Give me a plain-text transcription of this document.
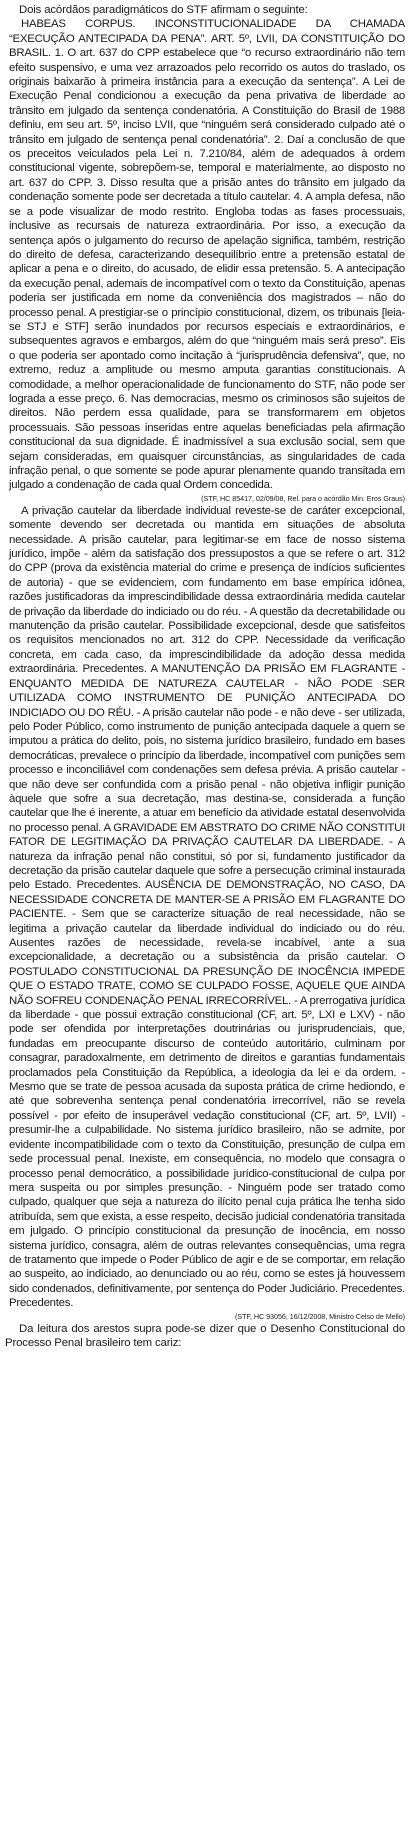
Dois acórdãos paradigmáticos do STF afirmam o seguinte:

HABEAS CORPUS. INCONSTITUCIONALIDADE DA CHAMADA “EXECUÇÃO ANTECIPADA DA PENA”. ART. 5º, LVII, DA CONSTITUIÇÃO DO BRASIL. 1. O art. 637 do CPP estabelece que “o recurso extraordinário não tem efeito suspensivo, e uma vez arrazoados pelo recorrido os autos do traslado, os originais baixarão à primeira instância para a execução da sentença”. A Lei de Execução Penal condicionou a execução da pena privativa de liberdade ao trânsito em julgado da sentença condenatória. A Constituição do Brasil de 1988 definiu, em seu art. 5º, inciso LVII, que “ninguém será considerado culpado até o trânsito em julgado de sentença penal condenatória”. 2. Daí a conclusão de que os preceitos veiculados pela Lei n. 7.210/84, além de adequados à ordem constitucional vigente, sobrepõem-se, temporal e materialmente, ao disposto no art. 637 do CPP. 3. Disso resulta que a prisão antes do trânsito em julgado da condenação somente pode ser decretada a título cautelar. 4. A ampla defesa, não se a pode visualizar de modo restrito. Engloba todas as fases processuais, inclusive as recursais de natureza extraordinária. Por isso, a execução da sentença após o julgamento do recurso de apelação significa, também, restrição do direito de defesa, caracterizando desequilíbrio entre a pretensão estatal de aplicar a pena e o direito, do acusado, de elidir essa pretensão. 5. A antecipação da execução penal, ademais de incompatível com o texto da Constituição, apenas poderia ser justificada em nome da conveniência dos magistrados – não do processo penal. A prestigiar-se o princípio constitucional, dizem, os tribunais [leia-se STJ e STF] serão inundados por recursos especiais e extraordinários, e subsequentes agravos e embargos, além do que “ninguém mais será preso”. Eis o que poderia ser apontado como incitação à “jurisprudência defensiva”, que, no extremo, reduz a amplitude ou mesmo amputa garantias constitucionais. A comodidade, a melhor operacionalidade de funcionamento do STF, não pode ser lograda a esse preço. 6. Nas democracias, mesmo os criminosos são sujeitos de direitos. Não perdem essa qualidade, para se transformarem em objetos processuais. São pessoas inseridas entre aquelas beneficiadas pela afirmação constitucional da sua dignidade. É inadmissível a sua exclusão social, sem que sejam consideradas, em quaisquer circunstâncias, as singularidades de cada infração penal, o que somente se pode apurar plenamente quando transitada em julgado a condenação de cada qual Ordem concedida.

(STF, HC 85417, 02/09/08, Rel. para o acórdão Min. Eros Graus)

A privação cautelar da liberdade individual reveste-se de caráter excepcional, somente devendo ser decretada ou mantida em situações de absoluta necessidade. A prisão cautelar, para legitimar-se em face de nosso sistema jurídico, impõe - além da satisfação dos pressupostos a que se refere o art. 312 do CPP (prova da existência material do crime e presença de indícios suficientes de autoria) - que se evidenciem, com fundamento em base empírica idônea, razões justificadoras da imprescindibilidade dessa extraordinária medida cautelar de privação da liberdade do indiciado ou do réu. - A questão da decretabilidade ou manutenção da prisão cautelar. Possibilidade excepcional, desde que satisfeitos os requisitos mencionados no art. 312 do CPP. Necessidade da verificação concreta, em cada caso, da imprescindibilidade da adoção dessa medida extraordinária. Precedentes. A MANUTENÇÃO DA PRISÃO EM FLAGRANTE - ENQUANTO MEDIDA DE NATUREZA CAUTELAR - NÃO PODE SER UTILIZADA COMO INSTRUMENTO DE PUNIÇÃO ANTECIPADA DO INDICIADO OU DO RÉU. - A prisão cautelar não pode - e não deve - ser utilizada, pelo Poder Público, como instrumento de punição antecipada daquele a quem se imputou a prática do delito, pois, no sistema jurídico brasileiro, fundado em bases democráticas, prevalece o princípio da liberdade, incompatível com punições sem processo e inconciliável com condenações sem defesa prévia. A prisão cautelar - que não deve ser confundida com a prisão penal - não objetiva infligir punição àquele que sofre a sua decretação, mas destina-se, considerada a função cautelar que lhe é inerente, a atuar em benefício da atividade estatal desenvolvida no processo penal. A GRAVIDADE EM ABSTRATO DO CRIME NÃO CONSTITUI FATOR DE LEGITIMAÇÃO DA PRIVAÇÃO CAUTELAR DA LIBERDADE. - A natureza da infração penal não constitui, só por si, fundamento justificador da decretação da prisão cautelar daquele que sofre a persecução criminal instaurada pelo Estado. Precedentes. AUSÊNCIA DE DEMONSTRAÇÃO, NO CASO, DA NECESSIDADE CONCRETA DE MANTER-SE A PRISÃO EM FLAGRANTE DO PACIENTE. - Sem que se caracterize situação de real necessidade, não se legitima a privação cautelar da liberdade individual do indiciado ou do réu. Ausentes razões de necessidade, revela-se incabível, ante a sua excepcionalidade, a decretação ou a subsistência da prisão cautelar. O POSTULADO CONSTITUCIONAL DA PRESUNÇÃO DE INOCÊNCIA IMPEDE QUE O ESTADO TRATE, COMO SE CULPADO FOSSE, AQUELE QUE AINDA NÃO SOFREU CONDENAÇÃO PENAL IRRECORRÍVEL. - A prerrogativa jurídica da liberdade - que possui extração constitucional (CF, art. 5º, LXI e LXV) - não pode ser ofendida por interpretações doutrinárias ou jurisprudenciais, que, fundadas em preocupante discurso de conteúdo autoritário, culminam por consagrar, paradoxalmente, em detrimento de direitos e garantias fundamentais proclamados pela Constituição da República, a ideologia da lei e da ordem. - Mesmo que se trate de pessoa acusada da suposta prática de crime hediondo, e até que sobrevenha sentença penal condenatória irrecorrível, não se revela possível - por efeito de insuperável vedação constitucional (CF, art. 5º, LVII) - presumir-lhe a culpabilidade. No sistema jurídico brasileiro, não se admite, por evidente incompatibilidade com o texto da Constituição, presunção de culpa em sede processual penal. Inexiste, em consequência, no modelo que consagra o processo penal democrático, a possibilidade jurídico-constitucional de culpa por mera suspeita ou por simples presunção. - Ninguém pode ser tratado como culpado, qualquer que seja a natureza do ilícito penal cuja prática lhe tenha sido atribuída, sem que exista, a esse respeito, decisão judicial condenatória transitada em julgado. O princípio constitucional da presunção de inocência, em nosso sistema jurídico, consagra, além de outras relevantes consequências, uma regra de tratamento que impede o Poder Público de agir e de se comportar, em relação ao suspeito, ao indiciado, ao denunciado ou ao réu, como se estes já houvessem sido condenados, definitivamente, por sentença do Poder Judiciário. Precedentes. Precedentes.

(STF, HC 93056, 16/12/2008, Ministro Celso de Mello)

Da leitura dos arestos supra pode-se dizer que o Desenho Constitucional do Processo Penal brasileiro tem cariz:
